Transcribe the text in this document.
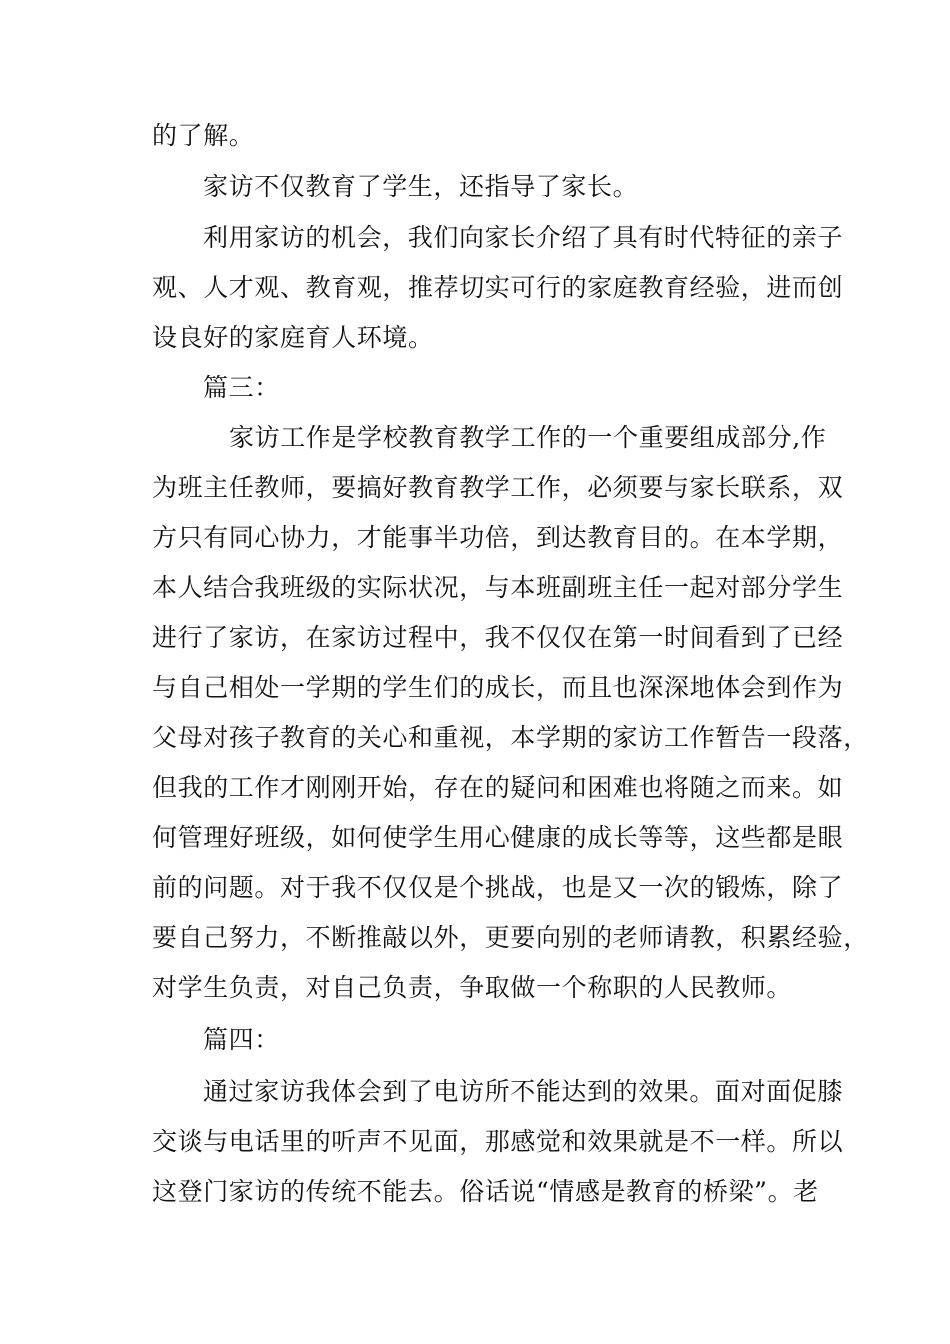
的了解。
家访不仅教育了学生，还指导了家长。
利用家访的机会，我们向家长介绍了具有时代特征的亲子
观、人才观、教育观，推荐切实可行的家庭教育经验，进而创
设良好的家庭育人环境。
篇三：
家访工作是学校教育教学工作的一个重要组成部分,作
为班主任教师，要搞好教育教学工作，必须要与家长联系，双
方只有同心协力，才能事半功倍，到达教育目的。在本学期，
本人结合我班级的实际状况，与本班副班主任一起对部分学生
进行了家访，在家访过程中，我不仅仅在第一时间看到了已经
与自己相处一学期的学生们的成长，而且也深深地体会到作为
父母对孩子教育的关心和重视，本学期的家访工作暂告一段落，
但我的工作才刚刚开始，存在的疑问和困难也将随之而来。如
何管理好班级，如何使学生用心健康的成长等等，这些都是眼
前的问题。对于我不仅仅是个挑战，也是又一次的锻炼，除了
要自己努力，不断推敲以外，更要向别的老师请教，积累经验，
对学生负责，对自己负责，争取做一个称职的人民教师。
篇四：
通过家访我体会到了电访所不能达到的效果。面对面促膝
交谈与电话里的听声不见面，那感觉和效果就是不一样。所以
这登门家访的传统不能去。俗话说“情感是教育的桥梁”。老
